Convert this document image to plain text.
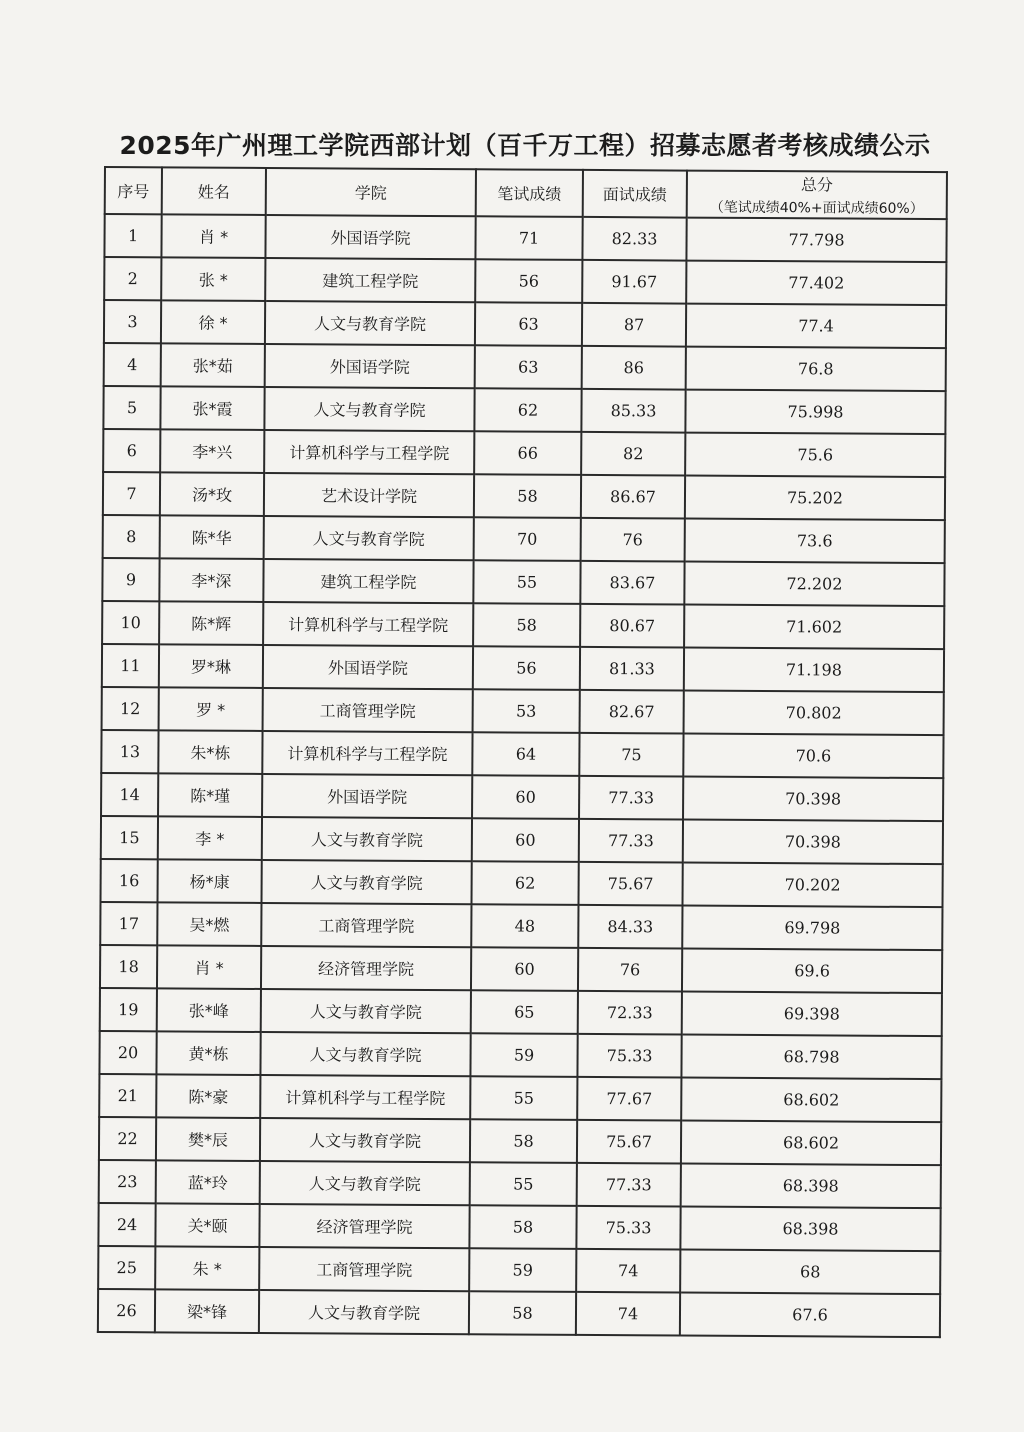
2025年广州理工学院西部计划（百千万工程）招募志愿者考核成绩公示
序号	姓名	学院	笔试成绩	面试成绩	总分
（笔试成绩40%+面试成绩60%）

1	肖 *	外国语学院	71	82.33	77.798
2	张 *	建筑工程学院	56	91.67	77.402
3	徐 *	人文与教育学院	63	87	77.4
4	张*茹	外国语学院	63	86	76.8
5	张*霞	人文与教育学院	62	85.33	75.998
6	李*兴	计算机科学与工程学院	66	82	75.6
7	汤*玫	艺术设计学院	58	86.67	75.202
8	陈*华	人文与教育学院	70	76	73.6
9	李*深	建筑工程学院	55	83.67	72.202
10	陈*辉	计算机科学与工程学院	58	80.67	71.602
11	罗*琳	外国语学院	56	81.33	71.198
12	罗 *	工商管理学院	53	82.67	70.802
13	朱*栋	计算机科学与工程学院	64	75	70.6
14	陈*瑾	外国语学院	60	77.33	70.398
15	李 *	人文与教育学院	60	77.33	70.398
16	杨*康	人文与教育学院	62	75.67	70.202
17	吴*燃	工商管理学院	48	84.33	69.798
18	肖 *	经济管理学院	60	76	69.6
19	张*峰	人文与教育学院	65	72.33	69.398
20	黄*栋	人文与教育学院	59	75.33	68.798
21	陈*豪	计算机科学与工程学院	55	77.67	68.602
22	樊*辰	人文与教育学院	58	75.67	68.602
23	蓝*玲	人文与教育学院	55	77.33	68.398
24	关*颐	经济管理学院	58	75.33	68.398
25	朱 *	工商管理学院	59	74	68
26	梁*锋	人文与教育学院	58	74	67.6
